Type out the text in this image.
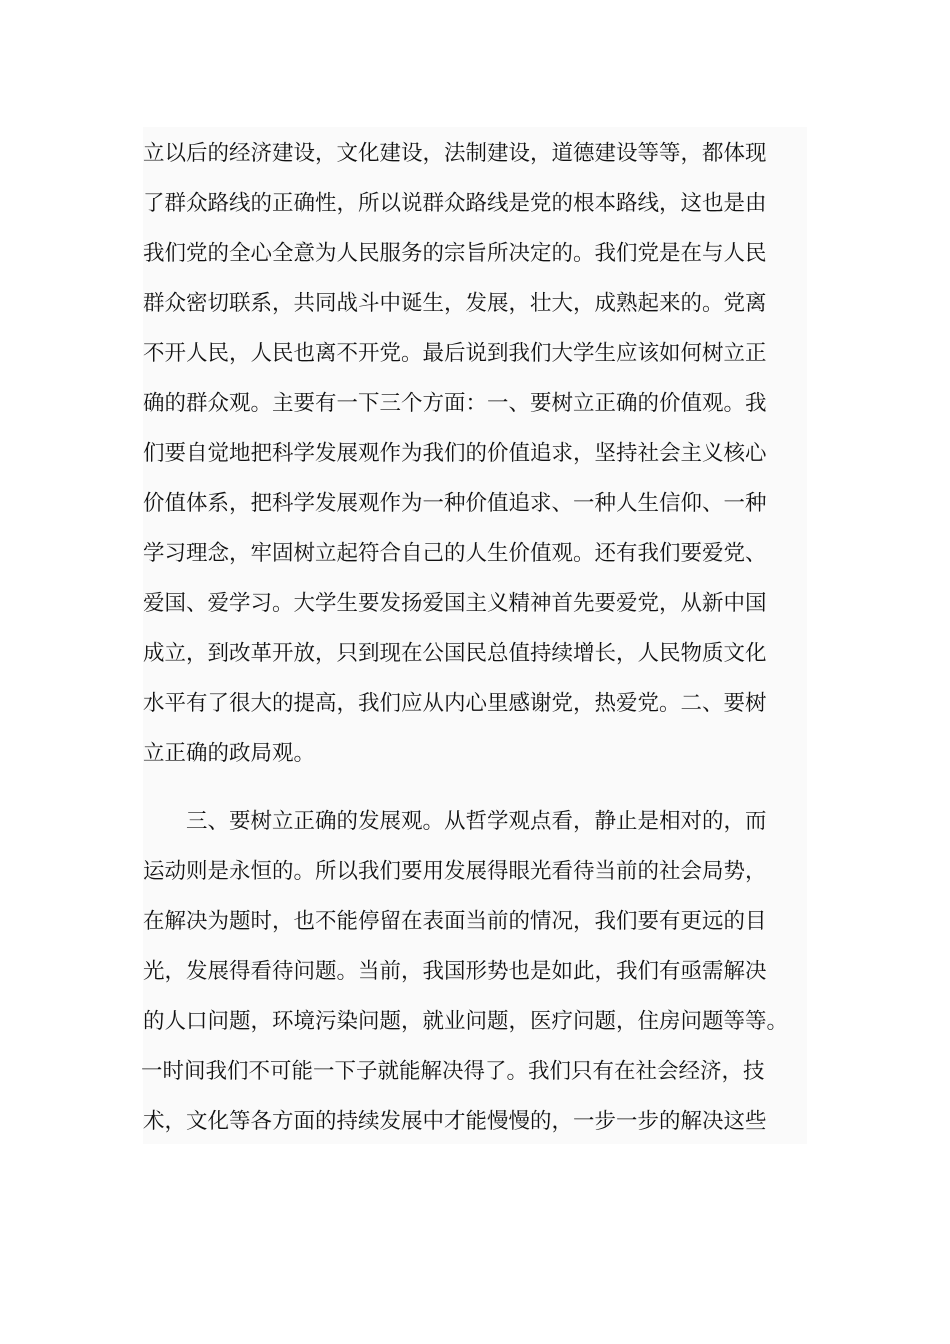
立以后的经济建设，文化建设，法制建设，道德建设等等，都体现
了群众路线的正确性，所以说群众路线是党的根本路线，这也是由
我们党的全心全意为人民服务的宗旨所决定的。我们党是在与人民
群众密切联系，共同战斗中诞生，发展，壮大，成熟起来的。党离
不开人民，人民也离不开党。最后说到我们大学生应该如何树立正
确的群众观。主要有一下三个方面：一、要树立正确的价值观。我
们要自觉地把科学发展观作为我们的价值追求，坚持社会主义核心
价值体系，把科学发展观作为一种价值追求、一种人生信仰、一种
学习理念，牢固树立起符合自己的人生价值观。还有我们要爱党、
爱国、爱学习。大学生要发扬爱国主义精神首先要爱党，从新中国
成立，到改革开放，只到现在公国民总值持续增长，人民物质文化
水平有了很大的提高，我们应从内心里感谢党，热爱党。二、要树
立正确的政局观。
　　三、要树立正确的发展观。从哲学观点看，静止是相对的，而
运动则是永恒的。所以我们要用发展得眼光看待当前的社会局势，
在解决为题时，也不能停留在表面当前的情况，我们要有更远的目
光，发展得看待问题。当前，我国形势也是如此，我们有亟需解决
的人口问题，环境污染问题，就业问题，医疗问题，住房问题等等。
一时间我们不可能一下子就能解决得了。我们只有在社会经济，技
术，文化等各方面的持续发展中才能慢慢的，一步一步的解决这些
